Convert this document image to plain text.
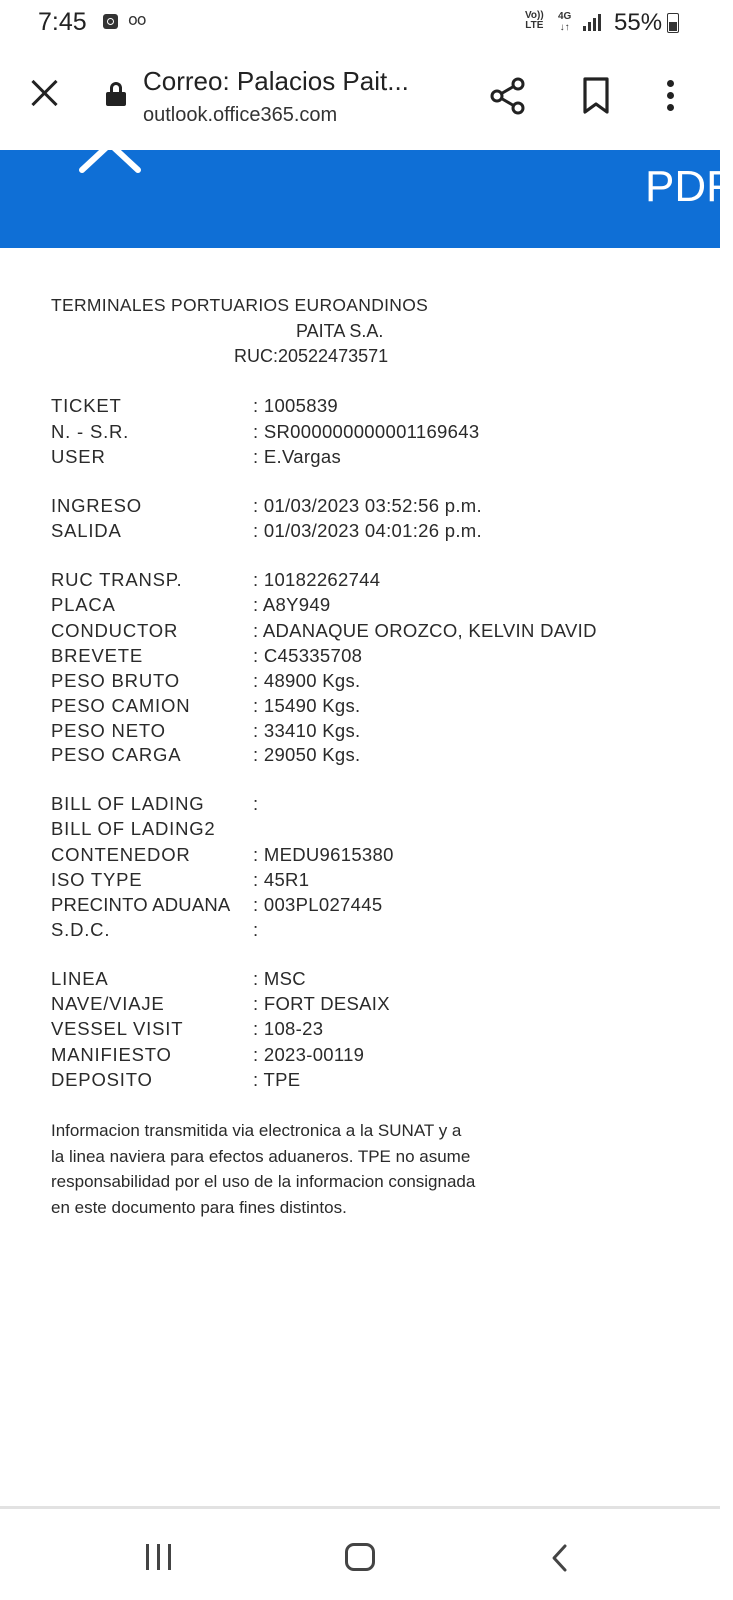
7:45	oo	Vo))
LTE
4G
↓↑ 55%
Correo: Palacios Pait...
outlook.office365.com
PDF
TERMINALES PORTUARIOS EUROANDINOS
PAITA S.A.
RUC:20522473571
TICKET	: 1005839
N. - S.R.	: SR000000000001169643
USER	: E.Vargas
INGRESO	: 01/03/2023 03:52:56 p.m.
SALIDA	: 01/03/2023 04:01:26 p.m.
RUC TRANSP.	: 10182262744
PLACA	: A8Y949
CONDUCTOR	: ADANAQUE OROZCO, KELVIN DAVID
BREVETE	: C45335708
PESO BRUTO	: 48900 Kgs.
PESO CAMION	: 15490 Kgs.
PESO NETO	: 33410 Kgs.
PESO CARGA	: 29050 Kgs.
BILL OF LADING	:
BILL OF LADING2
CONTENEDOR	: MEDU9615380
ISO TYPE	: 45R1
PRECINTO ADUANA : 003PL027445
S.D.C.	:
LINEA	: MSC
NAVE/VIAJE	: FORT DESAIX
VESSEL VISIT	: 108-23
MANIFIESTO	: 2023-00119
DEPOSITO	: TPE
Informacion transmitida via electronica a la SUNAT y a
la linea naviera para efectos aduaneros. TPE no asume
responsabilidad por el uso de la informacion consignada
en este documento para fines distintos.
